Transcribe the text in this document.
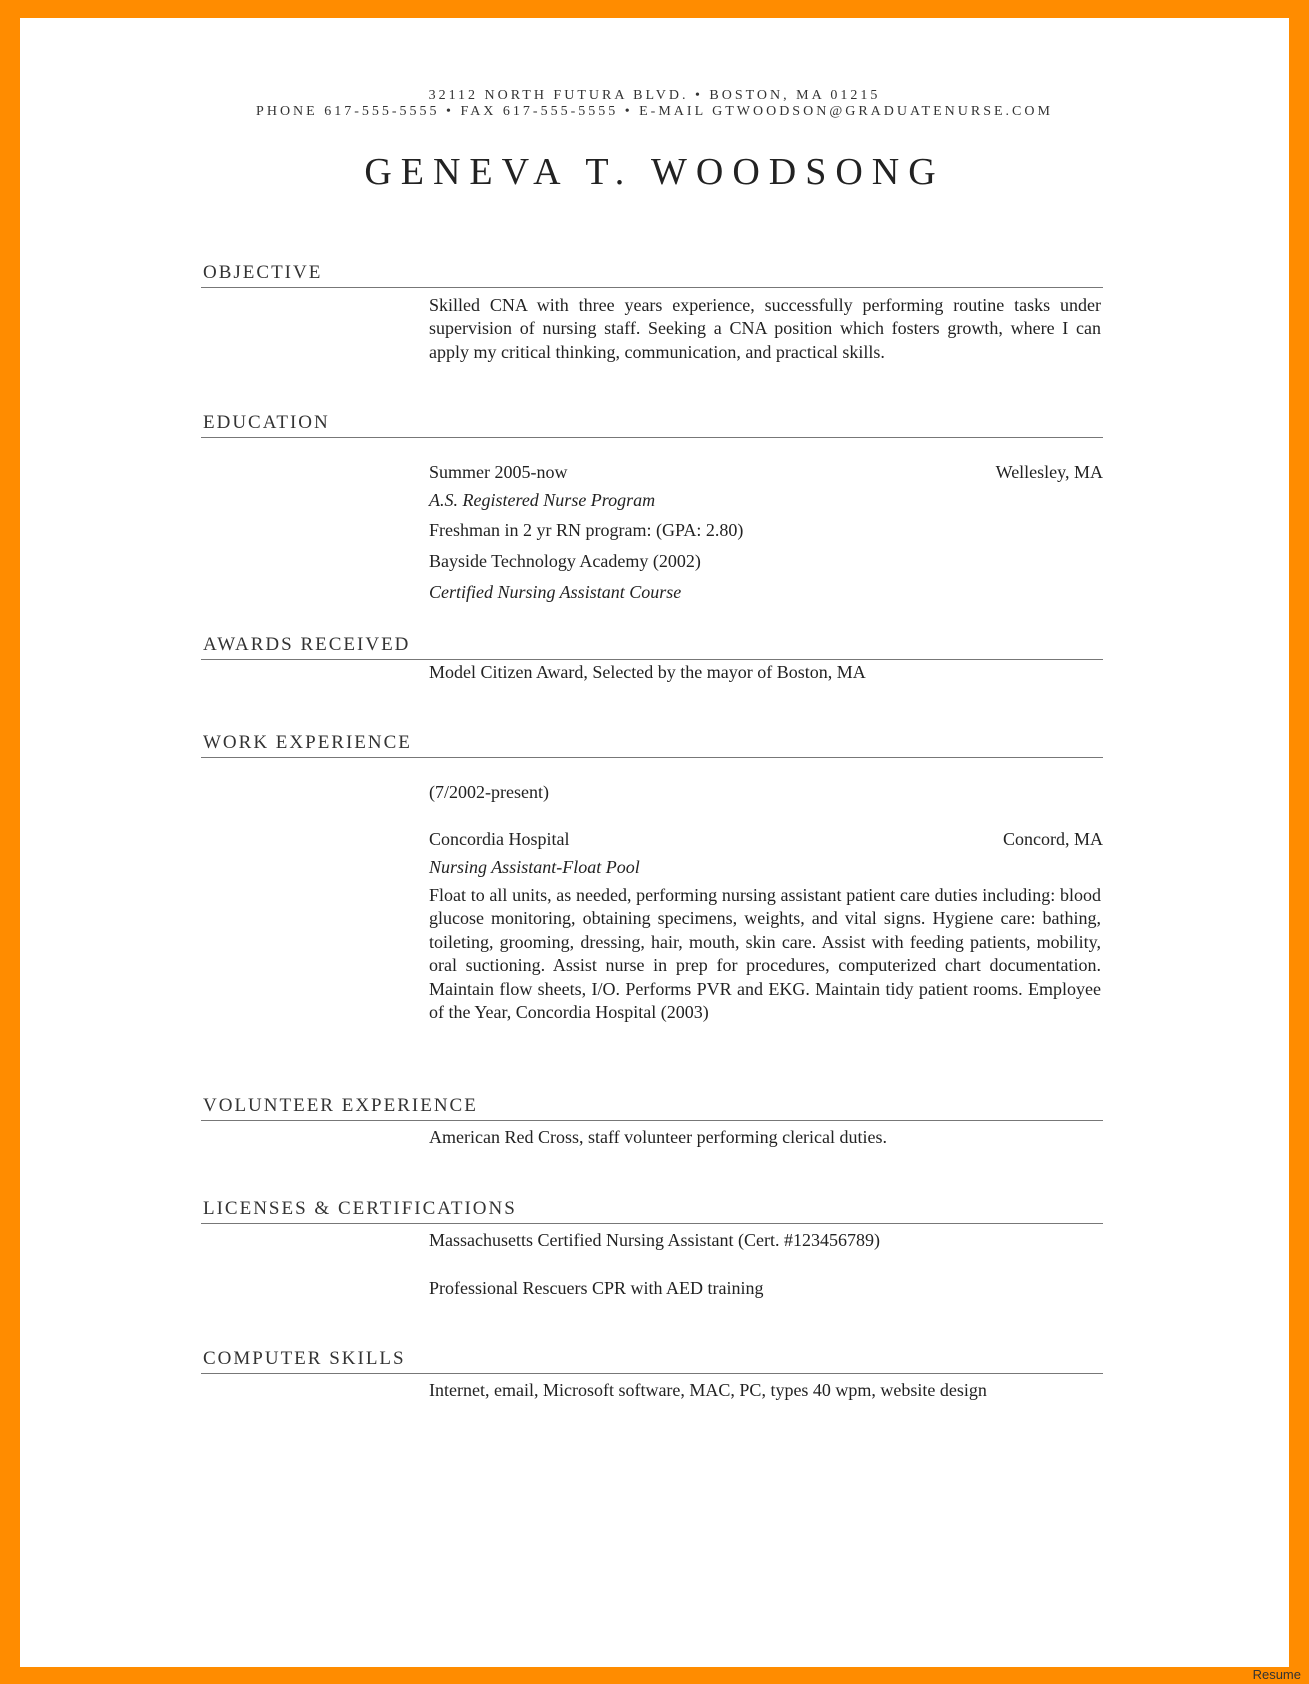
32112 NORTH FUTURA BLVD. • BOSTON, MA 01215
PHONE 617-555-5555 • FAX 617-555-5555 • E-MAIL GTWOODSON@GRADUATENURSE.COM
GENEVA T. WOODSONG
OBJECTIVE
Skilled CNA with three years experience, successfully performing routine tasks under supervision of nursing staff. Seeking a CNA position which fosters growth, where I can apply my critical thinking, communication, and practical skills.
EDUCATION
Summer 2005-now	Wellesley, MA
A.S. Registered Nurse Program
Freshman in 2 yr RN program: (GPA: 2.80)
Bayside Technology Academy (2002)
Certified Nursing Assistant Course
AWARDS RECEIVED
Model Citizen Award, Selected by the mayor of Boston, MA
WORK EXPERIENCE
(7/2002-present)
Concordia Hospital	Concord, MA
Nursing Assistant-Float Pool
Float to all units, as needed, performing nursing assistant patient care duties including: blood glucose monitoring, obtaining specimens, weights, and vital signs. Hygiene care: bathing, toileting, grooming, dressing, hair, mouth, skin care. Assist with feeding patients, mobility, oral suctioning. Assist nurse in prep for procedures, computerized chart documentation. Maintain flow sheets, I/O. Performs PVR and EKG. Maintain tidy patient rooms. Employee of the Year, Concordia Hospital (2003)
VOLUNTEER EXPERIENCE
American Red Cross, staff volunteer performing clerical duties.
LICENSES & CERTIFICATIONS
Massachusetts Certified Nursing Assistant (Cert. #123456789)
Professional Rescuers CPR with AED training
COMPUTER SKILLS
Internet, email, Microsoft software, MAC, PC, types 40 wpm, website design
Resume
